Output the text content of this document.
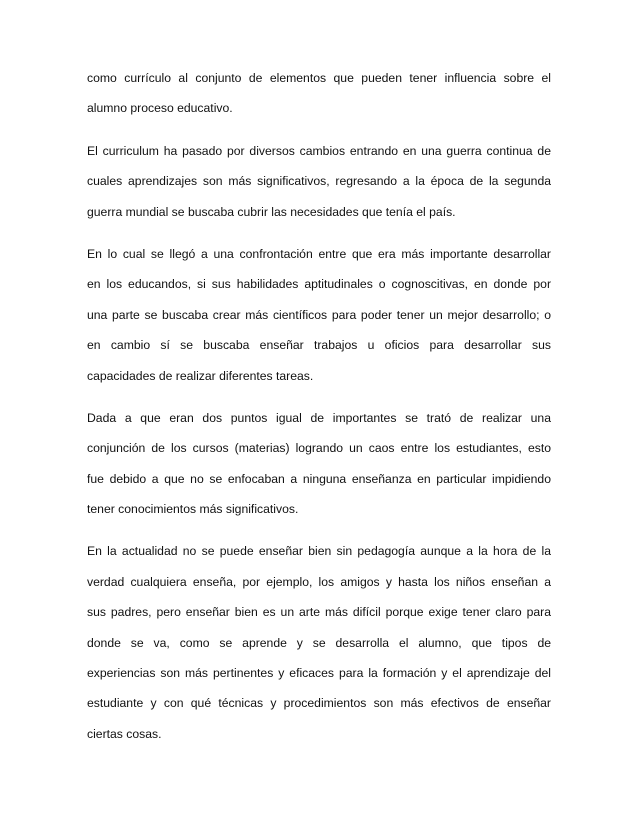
como currículo al conjunto de elementos que pueden tener influencia sobre el
alumno proceso educativo.
El curriculum ha pasado por diversos cambios entrando en una guerra continua de
cuales aprendizajes son más significativos, regresando a la época de la segunda
guerra mundial se buscaba cubrir las necesidades que tenía el país.
En lo cual se llegó a una confrontación entre que era más importante desarrollar
en los educandos, si sus habilidades aptitudinales o cognoscitivas, en donde por
una parte se buscaba crear más científicos para poder tener un mejor desarrollo; o
en cambio sí se buscaba enseñar trabajos u oficios para desarrollar sus
capacidades de realizar diferentes tareas.
Dada a que eran dos puntos igual de importantes se trató de realizar una
conjunción de los cursos (materias) logrando un caos entre los estudiantes, esto
fue debido a que no se enfocaban a ninguna enseñanza en particular impidiendo
tener conocimientos más significativos.
En la actualidad no se puede enseñar bien sin pedagogía aunque a la hora de la
verdad cualquiera enseña, por ejemplo, los amigos y hasta los niños enseñan a
sus padres, pero enseñar bien es un arte más difícil porque exige tener claro para
donde se va, como se aprende y se desarrolla el alumno, que tipos de
experiencias son más pertinentes y eficaces para la formación y el aprendizaje del
estudiante y con qué técnicas y procedimientos son más efectivos de enseñar
ciertas cosas.
